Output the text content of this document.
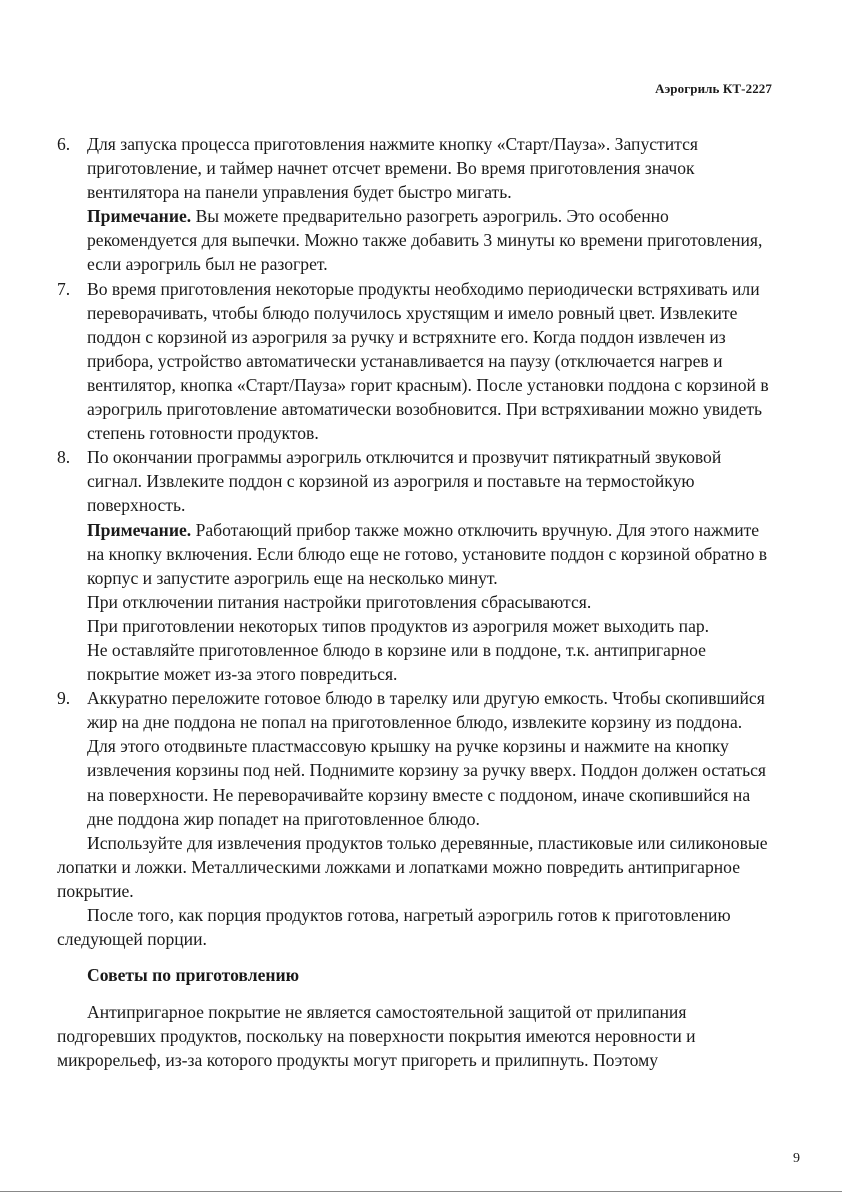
Аэрогриль КТ-2227
6. Для запуска процесса приготовления нажмите кнопку «Старт/Пауза». Запустится приготовление, и таймер начнет отсчет времени. Во время приготовления значок вентилятора на панели управления будет быстро мигать.

Примечание. Вы можете предварительно разогреть аэрогриль. Это особенно рекомендуется для выпечки. Можно также добавить 3 минуты ко времени приготовления, если аэрогриль был не разогрет.

7. Во время приготовления некоторые продукты необходимо периодически встряхивать или переворачивать, чтобы блюдо получилось хрустящим и имело ровный цвет. Извлеките поддон с корзиной из аэрогриля за ручку и встряхните его. Когда поддон извлечен из прибора, устройство автоматически устанавливается на паузу (отключается нагрев и вентилятор, кнопка «Старт/Пауза» горит красным). После установки поддона с корзиной в аэрогриль приготовление автоматически возобновится. При встряхивании можно увидеть степень готовности продуктов.

8. По окончании программы аэрогриль отключится и прозвучит пятикратный звуковой сигнал. Извлеките поддон с корзиной из аэрогриля и поставьте на термостойкую поверхность.

Примечание. Работающий прибор также можно отключить вручную. Для этого нажмите на кнопку включения. Если блюдо еще не готово, установите поддон с корзиной обратно в корпус и запустите аэрогриль еще на несколько минут.

При отключении питания настройки приготовления сбрасываются.

При приготовлении некоторых типов продуктов из аэрогриля может выходить пар.

Не оставляйте приготовленное блюдо в корзине или в поддоне, т.к. антипригарное покрытие может из-за этого повредиться.

9. Аккуратно переложите готовое блюдо в тарелку или другую емкость. Чтобы скопившийся жир на дне поддона не попал на приготовленное блюдо, извлеките корзину из поддона. Для этого отодвиньте пластмассовую крышку на ручке корзины и нажмите на кнопку извлечения корзины под ней. Поднимите корзину за ручку вверх. Поддон должен остаться на поверхности. Не переворачивайте корзину вместе с поддоном, иначе скопившийся на дне поддона жир попадет на приготовленное блюдо.

Используйте для извлечения продуктов только деревянные, пластиковые или силиконовые лопатки и ложки. Металлическими ложками и лопатками можно повредить антипригарное покрытие.

После того, как порция продуктов готова, нагретый аэрогриль готов к приготовлению следующей порции.

Советы по приготовлению

Антипригарное покрытие не является самостоятельной защитой от прилипания подгоревших продуктов, поскольку на поверхности покрытия имеются неровности и микрорельеф, из-за которого продукты могут пригореть и прилипнуть. Поэтому

9
